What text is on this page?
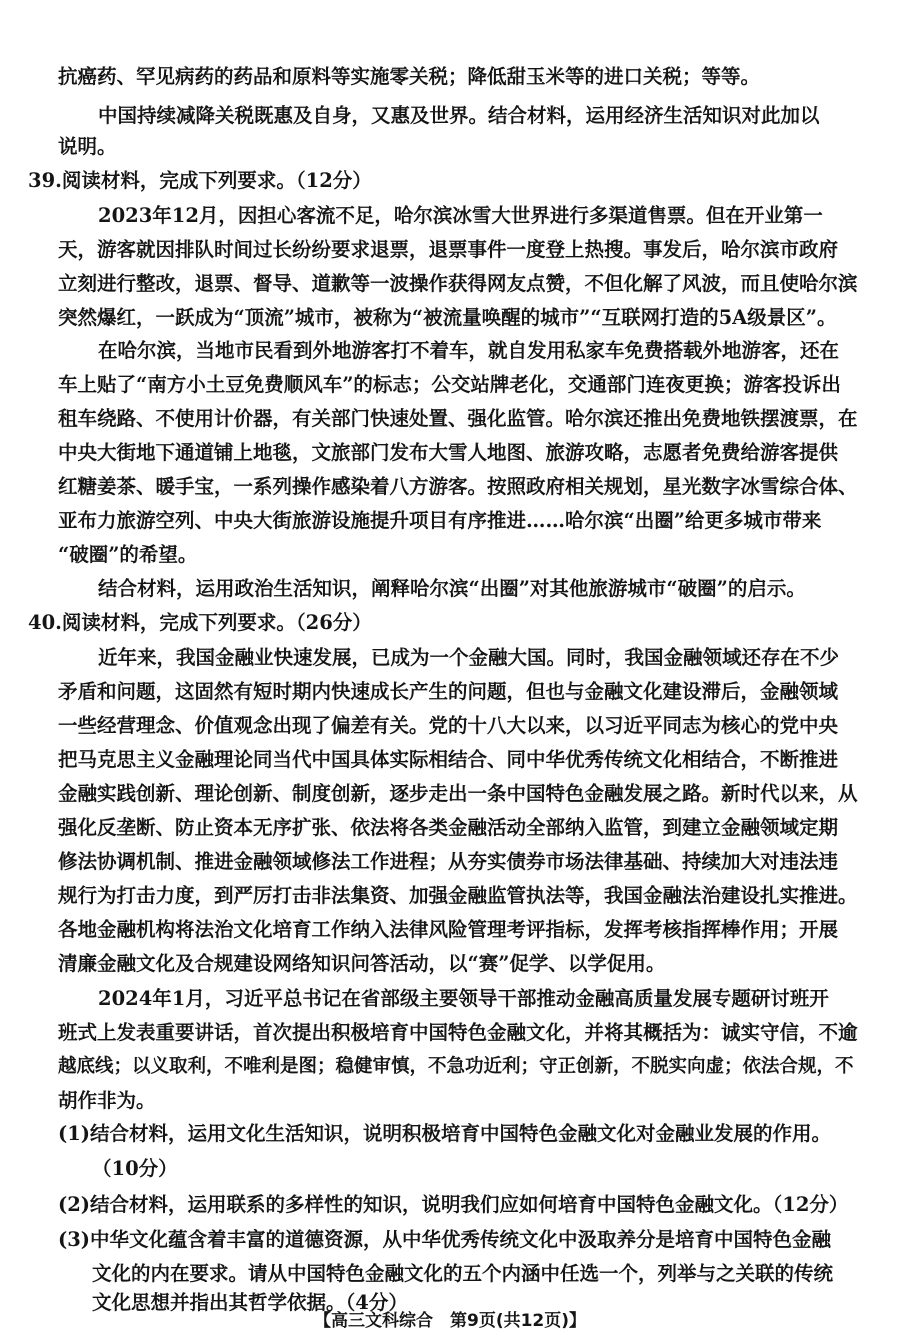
抗癌药、罕见病药的药品和原料等实施零关税；降低甜玉米等的进口关税；等等。
中国持续减降关税既惠及自身，又惠及世界。结合材料，运用经济生活知识对此加以
说明。
39.阅读材料，完成下列要求。（12分）
2023年12月，因担心客流不足，哈尔滨冰雪大世界进行多渠道售票。但在开业第一
天，游客就因排队时间过长纷纷要求退票，退票事件一度登上热搜。事发后，哈尔滨市政府
立刻进行整改，退票、督导、道歉等一波操作获得网友点赞，不但化解了风波，而且使哈尔滨
突然爆红，一跃成为“顶流”城市，被称为“被流量唤醒的城市”“互联网打造的5A级景区”。
在哈尔滨，当地市民看到外地游客打不着车，就自发用私家车免费搭载外地游客，还在
车上贴了“南方小土豆免费顺风车”的标志；公交站牌老化，交通部门连夜更换；游客投诉出
租车绕路、不使用计价器，有关部门快速处置、强化监管。哈尔滨还推出免费地铁摆渡票，在
中央大街地下通道铺上地毯，文旅部门发布大雪人地图、旅游攻略，志愿者免费给游客提供
红糖姜茶、暖手宝，一系列操作感染着八方游客。按照政府相关规划，星光数字冰雪综合体、
亚布力旅游空列、中央大街旅游设施提升项目有序推进……哈尔滨“出圈”给更多城市带来
“破圈”的希望。
结合材料，运用政治生活知识，阐释哈尔滨“出圈”对其他旅游城市“破圈”的启示。
40.阅读材料，完成下列要求。（26分）
近年来，我国金融业快速发展，已成为一个金融大国。同时，我国金融领域还存在不少
矛盾和问题，这固然有短时期内快速成长产生的问题，但也与金融文化建设滞后，金融领域
一些经营理念、价值观念出现了偏差有关。党的十八大以来，以习近平同志为核心的党中央
把马克思主义金融理论同当代中国具体实际相结合、同中华优秀传统文化相结合，不断推进
金融实践创新、理论创新、制度创新，逐步走出一条中国特色金融发展之路。新时代以来，从
强化反垄断、防止资本无序扩张、依法将各类金融活动全部纳入监管，到建立金融领域定期
修法协调机制、推进金融领域修法工作进程；从夯实债券市场法律基础、持续加大对违法违
规行为打击力度，到严厉打击非法集资、加强金融监管执法等，我国金融法治建设扎实推进。
各地金融机构将法治文化培育工作纳入法律风险管理考评指标，发挥考核指挥棒作用；开展
清廉金融文化及合规建设网络知识问答活动，以“赛”促学、以学促用。
2024年1月，习近平总书记在省部级主要领导干部推动金融高质量发展专题研讨班开
班式上发表重要讲话，首次提出积极培育中国特色金融文化，并将其概括为：诚实守信，不逾
越底线；以义取利，不唯利是图；稳健审慎，不急功近利；守正创新，不脱实向虚；依法合规，不
胡作非为。
(1)结合材料，运用文化生活知识，说明积极培育中国特色金融文化对金融业发展的作用。
（10分）
(2)结合材料，运用联系的多样性的知识，说明我们应如何培育中国特色金融文化。（12分）
(3)中华文化蕴含着丰富的道德资源，从中华优秀传统文化中汲取养分是培育中国特色金融
文化的内在要求。请从中国特色金融文化的五个内涵中任选一个，列举与之关联的传统
文化思想并指出其哲学依据。（4分）
【高三文科综合　第9页(共12页)】
